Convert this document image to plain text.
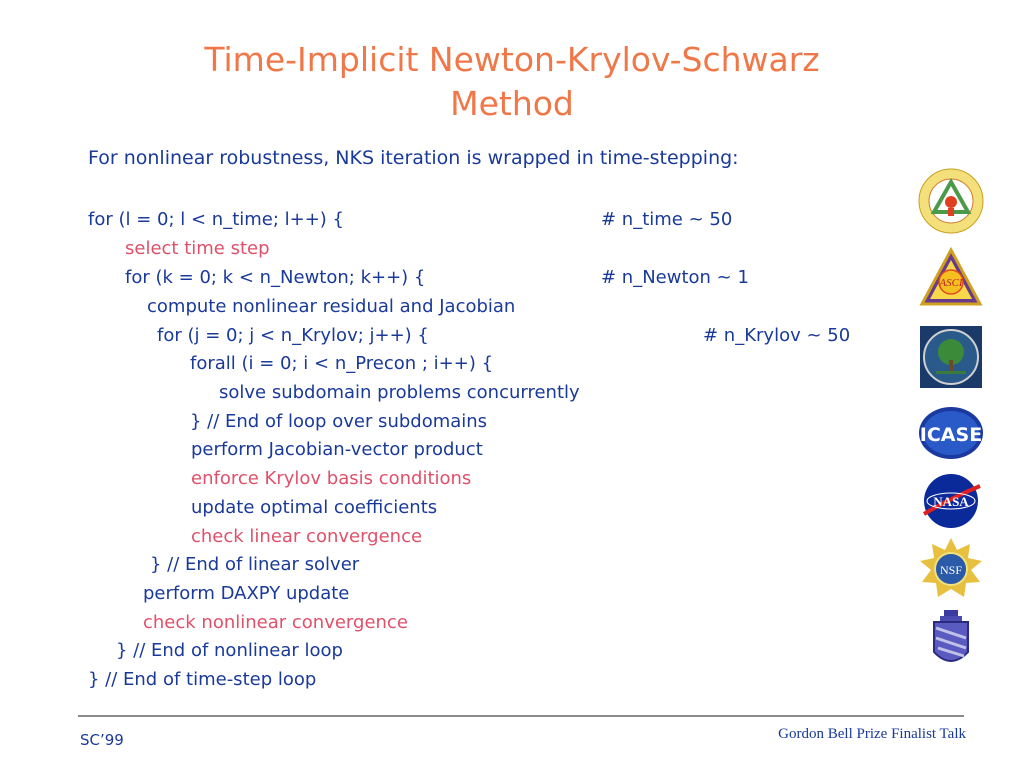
Time-Implicit Newton-Krylov-Schwarz
Method
For nonlinear robustness, NKS iteration is wrapped in time-stepping:
for (l = 0; l < n_time; l++) {
select time step
for (k = 0; k < n_Newton; k++) {
compute nonlinear residual and Jacobian
for (j = 0; j < n_Krylov; j++) {
forall (i = 0; i < n_Precon ; i++) {
solve subdomain problems concurrently
} // End of loop over subdomains
perform Jacobian-vector product
enforce Krylov basis conditions
update optimal coefficients
check linear convergence
} // End of linear solver
perform DAXPY update
check nonlinear convergence
} // End of nonlinear loop
} // End of time-step loop
# n_time ~ 50
# n_Newton ~ 1
# n_Krylov ~ 50
ASCI
ICASE
NASA
NSF
SC’99	Gordon Bell Prize Finalist Talk
